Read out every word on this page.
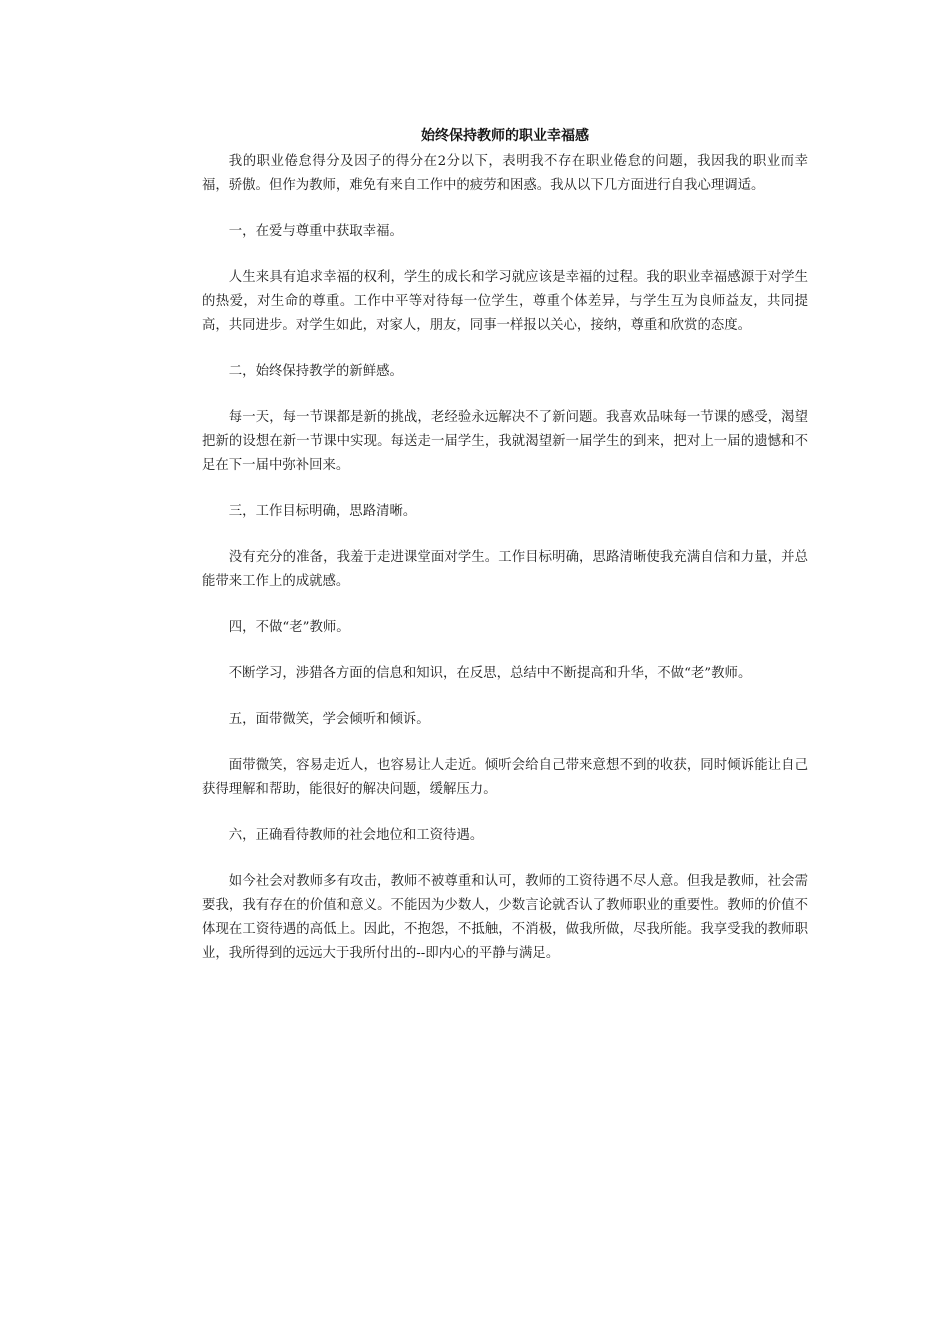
始终保持教师的职业幸福感

我的职业倦怠得分及因子的得分在2分以下，表明我不存在职业倦怠的问题，我因我的职业而幸福，骄傲。但作为教师，难免有来自工作中的疲劳和困惑。我从以下几方面进行自我心理调适。

一，在爱与尊重中获取幸福。

人生来具有追求幸福的权利，学生的成长和学习就应该是幸福的过程。我的职业幸福感源于对学生的热爱，对生命的尊重。工作中平等对待每一位学生，尊重个体差异，与学生互为良师益友，共同提高，共同进步。对学生如此，对家人，朋友，同事一样报以关心，接纳，尊重和欣赏的态度。

二，始终保持教学的新鲜感。

每一天，每一节课都是新的挑战，老经验永远解决不了新问题。我喜欢品味每一节课的感受，渴望把新的设想在新一节课中实现。每送走一届学生，我就渴望新一届学生的到来，把对上一届的遗憾和不足在下一届中弥补回来。

三，工作目标明确，思路清晰。

没有充分的准备，我羞于走进课堂面对学生。工作目标明确，思路清晰使我充满自信和力量，并总能带来工作上的成就感。

四，不做“老”教师。

不断学习，涉猎各方面的信息和知识，在反思，总结中不断提高和升华，不做“老”教师。

五，面带微笑，学会倾听和倾诉。

面带微笑，容易走近人，也容易让人走近。倾听会给自己带来意想不到的收获，同时倾诉能让自己获得理解和帮助，能很好的解决问题，缓解压力。

六，正确看待教师的社会地位和工资待遇。

如今社会对教师多有攻击，教师不被尊重和认可，教师的工资待遇不尽人意。但我是教师，社会需要我，我有存在的价值和意义。不能因为少数人，少数言论就否认了教师职业的重要性。教师的价值不体现在工资待遇的高低上。因此，不抱怨，不抵触，不消极，做我所做，尽我所能。我享受我的教师职业，我所得到的远远大于我所付出的--即内心的平静与满足。
